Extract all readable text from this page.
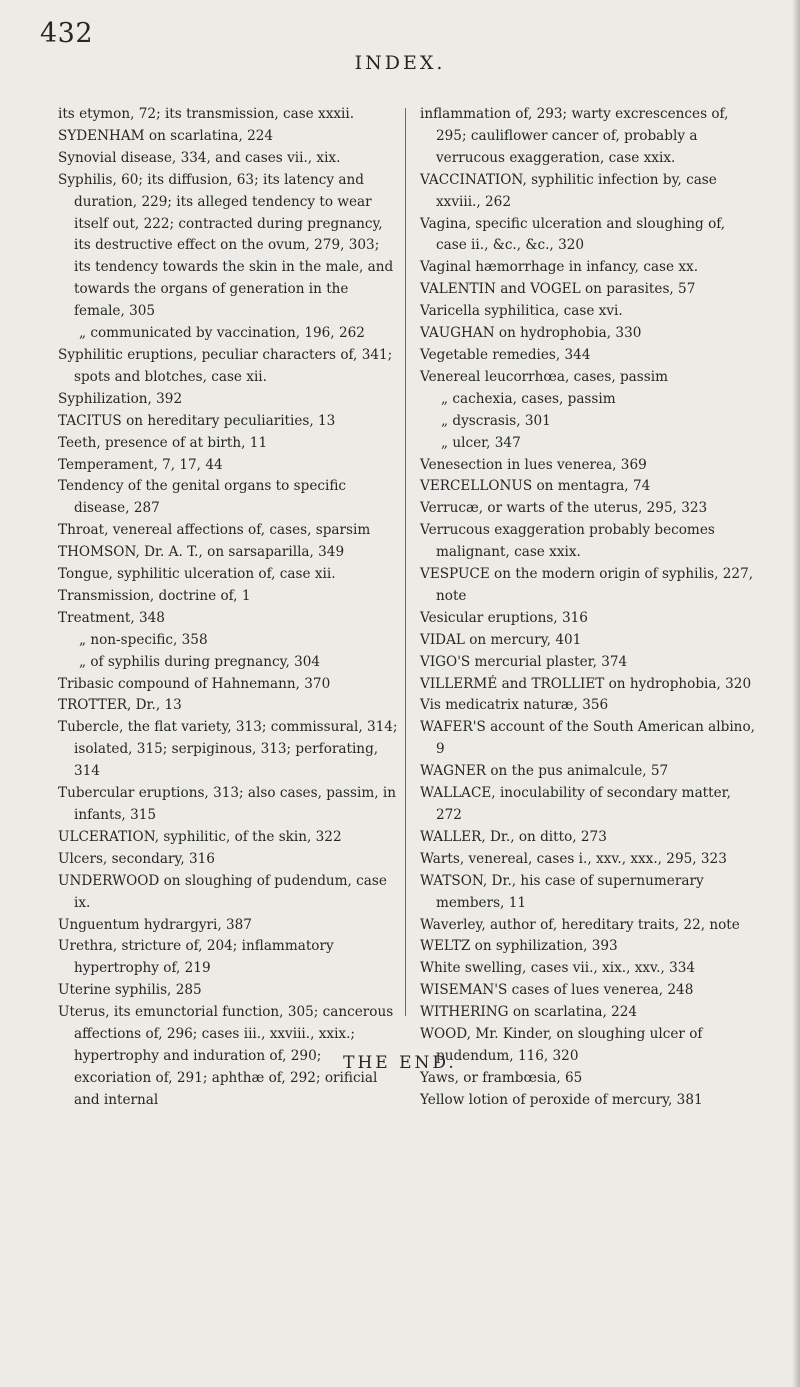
432
INDEX.

its etymon, 72; its transmission, case xxxii.

SYDENHAM on scarlatina, 224

Synovial disease, 334, and cases vii., xix.

Syphilis, 60; its diffusion, 63; its latency and duration, 229; its alleged tendency to wear itself out, 222; contracted during pregnancy, its destructive effect on the ovum, 279, 303; its tendency towards the skin in the male, and towards the organs of generation in the female, 305

„ communicated by vaccination, 196, 262

Syphilitic eruptions, peculiar characters of, 341; spots and blotches, case xii.

Syphilization, 392

TACITUS on hereditary peculiarities, 13

Teeth, presence of at birth, 11

Temperament, 7, 17, 44

Tendency of the genital organs to specific disease, 287

Throat, venereal affections of, cases, sparsim

THOMSON, Dr. A. T., on sarsaparilla, 349

Tongue, syphilitic ulceration of, case xii.

Transmission, doctrine of, 1

Treatment, 348

„ non-specific, 358

„ of syphilis during pregnancy, 304

Tribasic compound of Hahnemann, 370

TROTTER, Dr., 13

Tubercle, the flat variety, 313; commissural, 314; isolated, 315; serpiginous, 313; perforating, 314

Tubercular eruptions, 313; also cases, passim, in infants, 315

ULCERATION, syphilitic, of the skin, 322

Ulcers, secondary, 316

UNDERWOOD on sloughing of pudendum, case ix.

Unguentum hydrargyri, 387

Urethra, stricture of, 204; inflammatory hypertrophy of, 219

Uterine syphilis, 285

Uterus, its emunctorial function, 305; cancerous affections of, 296; cases iii., xxviii., xxix.; hypertrophy and induration of, 290; excoriation of, 291; aphthæ of, 292; orificial and internal

inflammation of, 293; warty excrescences of, 295; cauliflower cancer of, probably a verrucous exaggeration, case xxix.

VACCINATION, syphilitic infection by, case xxviii., 262

Vagina, specific ulceration and sloughing of, case ii., &c., &c., 320

Vaginal hæmorrhage in infancy, case xx.

VALENTIN and VOGEL on parasites, 57

Varicella syphilitica, case xvi.

VAUGHAN on hydrophobia, 330

Vegetable remedies, 344

Venereal leucorrhœa, cases, passim

„ cachexia, cases, passim

„ dyscrasis, 301

„ ulcer, 347

Venesection in lues venerea, 369

VERCELLONUS on mentagra, 74

Verrucæ, or warts of the uterus, 295, 323

Verrucous exaggeration probably becomes malignant, case xxix.

VESPUCE on the modern origin of syphilis, 227, note

Vesicular eruptions, 316

VIDAL on mercury, 401

VIGO'S mercurial plaster, 374

VILLERMÉ and TROLLIET on hydrophobia, 320

Vis medicatrix naturæ, 356

WAFER'S account of the South American albino, 9

WAGNER on the pus animalcule, 57

WALLACE, inoculability of secondary matter, 272

WALLER, Dr., on ditto, 273

Warts, venereal, cases i., xxv., xxx., 295, 323

WATSON, Dr., his case of supernumerary members, 11

Waverley, author of, hereditary traits, 22, note

WELTZ on syphilization, 393

White swelling, cases vii., xix., xxv., 334

WISEMAN'S cases of lues venerea, 248

WITHERING on scarlatina, 224

WOOD, Mr. Kinder, on sloughing ulcer of pudendum, 116, 320

Yaws, or frambœsia, 65

Yellow lotion of peroxide of mercury, 381

THE END.
